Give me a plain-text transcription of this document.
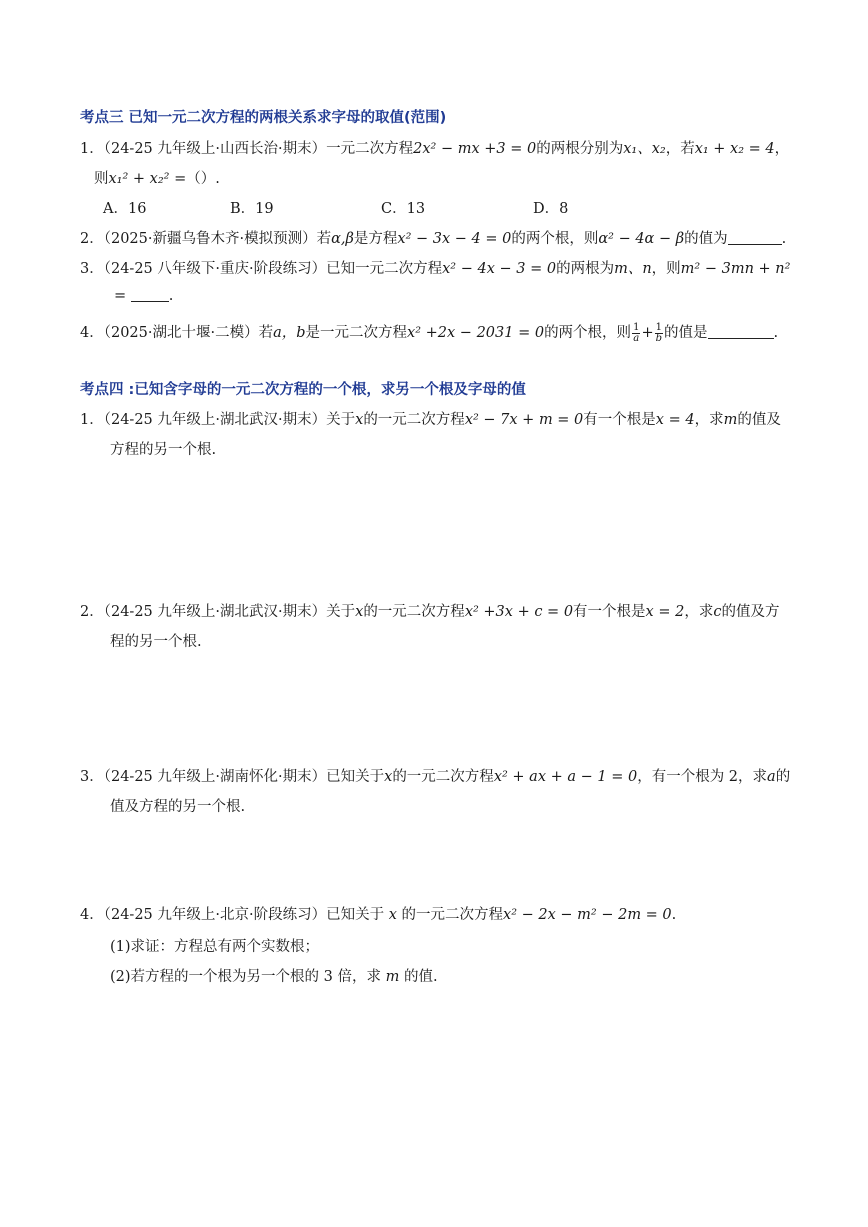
考点三 已知一元二次方程的两根关系求字母的取值(范围)
1．（24-25 九年级上·山西长治·期末）一元二次方程2x² − mx +3 = 0的两根分别为x₁、x₂，若x₁ + x₂ = 4，
则x₁² + x₂² =（）.
A．16	B．19	C．13	D．8
2．（2025·新疆乌鲁木齐·模拟预测）若α,β是方程x² − 3x − 4 = 0的两个根，则α² − 4α − β的值为	.
3．（24-25 八年级下·重庆·阶段练习）已知一元二次方程x² − 4x − 3 = 0的两根为m、n，则m² − 3mn + n²
=	.
4．（2025·湖北十堰·二模）若a，b是一元二次方程x² +2x − 2031 = 0的两个根，则 $\frac{1}{a} + \frac{1}{b}$ 的值是	.
考点四 :已知含字母的一元二次方程的一个根，求另一个根及字母的值
1．（24-25 九年级上·湖北武汉·期末）关于x的一元二次方程x² − 7x + m = 0有一个根是x = 4，求m的值及
方程的另一个根.
2．（24-25 九年级上·湖北武汉·期末）关于x的一元二次方程x² +3x + c = 0有一个根是x = 2，求c的值及方
程的另一个根.
3．（24-25 九年级上·湖南怀化·期末）已知关于x的一元二次方程x² + ax + a − 1 = 0，有一个根为 2，求a的
值及方程的另一个根.
4．（24-25 九年级上·北京·阶段练习）已知关于 x 的一元二次方程x² − 2x − m² − 2m = 0.
(1)求证：方程总有两个实数根；
(2)若方程的一个根为另一个根的 3 倍，求 m 的值.
